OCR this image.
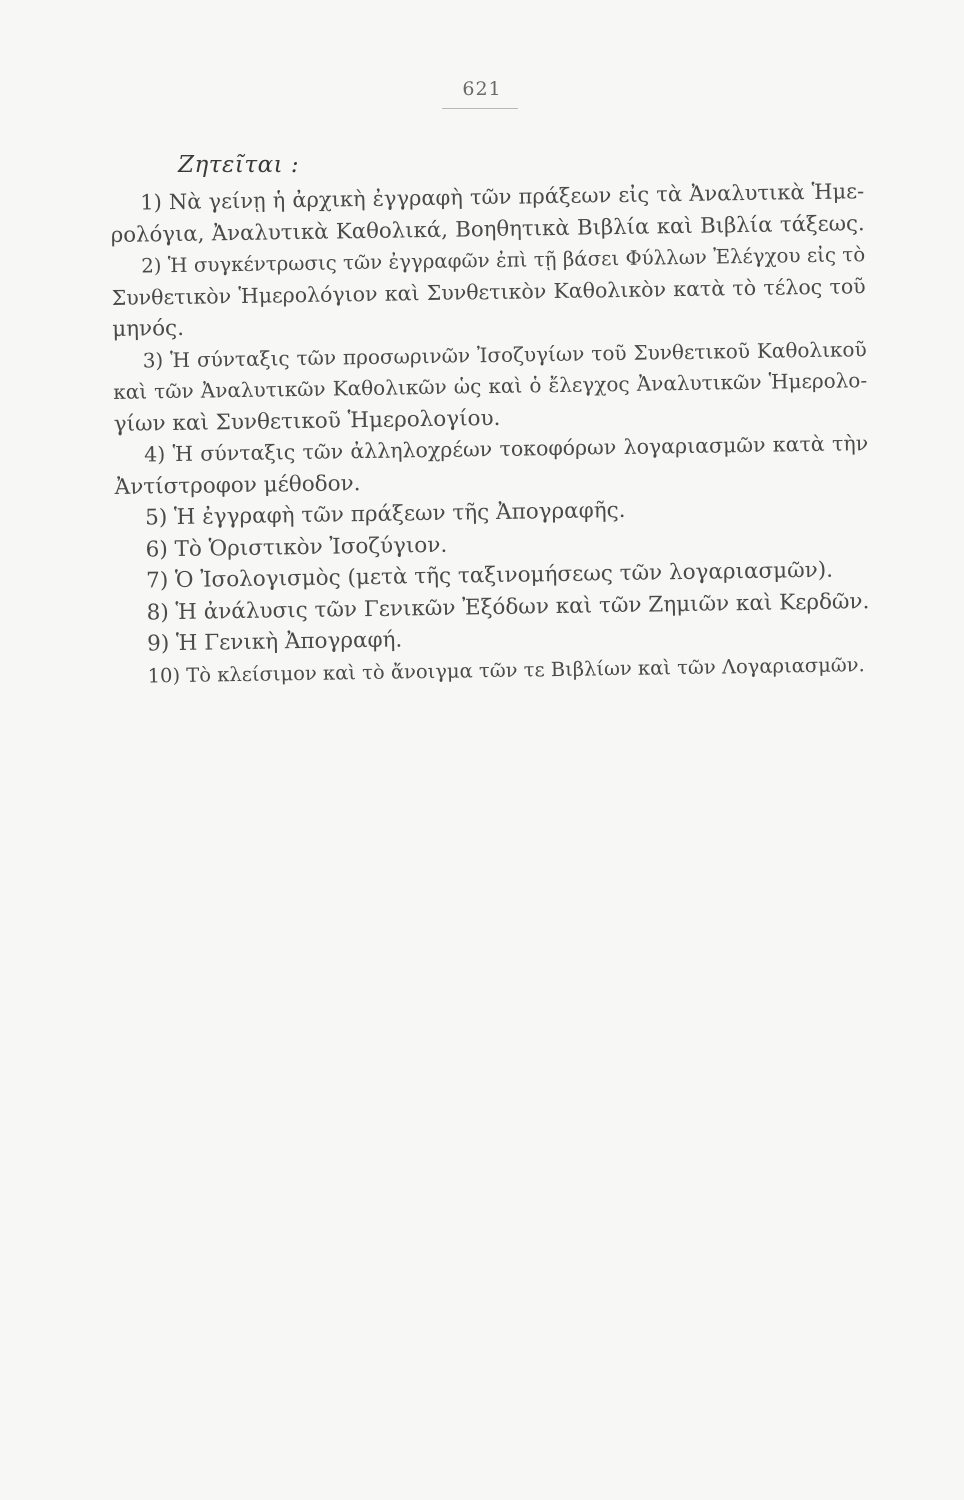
621
Ζητεῖται :
1) Νὰ γείνῃ ἡ ἀρχικὴ ἐγγραφὴ τῶν πράξεων εἰς τὰ Ἀναλυτικὰ Ἡμε-
ρολόγια, Ἀναλυτικὰ Καθολικά, Βοηθητικὰ Βιβλία καὶ Βιβλία τάξεως.
2) Ἡ συγκέντρωσις τῶν ἐγγραφῶν ἐπὶ τῇ βάσει Φύλλων Ἐλέγχου εἰς τὸ
Συνθετικὸν Ἡμερολόγιον καὶ Συνθετικὸν Καθολικὸν κατὰ τὸ τέλος τοῦ
μηνός.
3) Ἡ σύνταξις τῶν προσωρινῶν Ἰσοζυγίων τοῦ Συνθετικοῦ Καθολικοῦ
καὶ τῶν Ἀναλυτικῶν Καθολικῶν ὡς καὶ ὁ ἔλεγχος Ἀναλυτικῶν Ἡμερολο-
γίων καὶ Συνθετικοῦ Ἡμερολογίου.
4) Ἡ σύνταξις τῶν ἀλληλοχρέων τοκοφόρων λογαριασμῶν κατὰ τὴν
Ἀντίστροφον μέθοδον.
5) Ἡ ἐγγραφὴ τῶν πράξεων τῆς Ἀπογραφῆς.
6) Τὸ Ὁριστικὸν Ἰσοζύγιον.
7) Ὁ Ἰσολογισμὸς (μετὰ τῆς ταξινομήσεως τῶν λογαριασμῶν).
8) Ἡ ἀνάλυσις τῶν Γενικῶν Ἐξόδων καὶ τῶν Ζημιῶν καὶ Κερδῶν.
9) Ἡ Γενικὴ Ἀπογραφή.
10) Τὸ κλείσιμον καὶ τὸ ἄνοιγμα τῶν τε Βιβλίων καὶ τῶν Λογαριασμῶν.
